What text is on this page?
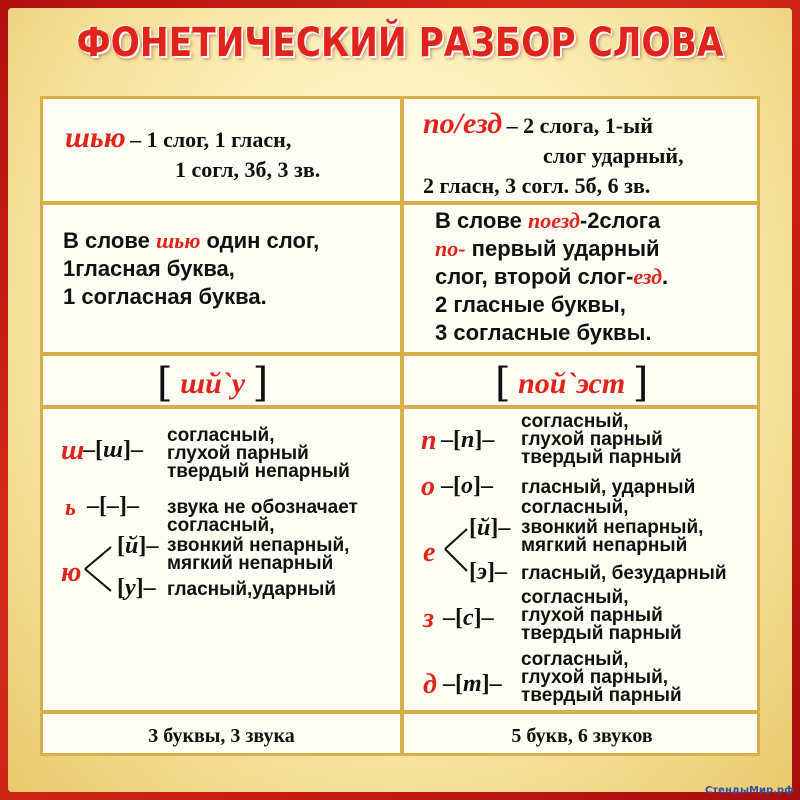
ФОНЕТИЧЕСКИЙ РАЗБОР СЛОВА
шью – 1 слог, 1 гласн,
1 согл, 3б, 3 зв.
по/езд – 2 слога, 1-ый
слог ударный,
2 гласн, 3 согл. 5б, 6 зв.
В слове шью один слог,
1гласная буква,
1 согласная буква.
В слове поезд-2слога
по- первый ударный
слог, второй слог-езд.
2 гласные буквы,
3 согласные буквы.
[ шй`у ]	[ пой`эст ]
ш
–[ш]–
согласный,
глухой парный
твердый непарный
ь –[–]– звука не обозначает
согласный,
ю
[й]– звонкий непарный,
мягкий непарный
[у]– гласный,ударный
п –[п]–
согласный,
глухой парный
твердый парный
о –[о]– гласный, ударный
согласный,
[й]– звонкий непарный,
мягкий непарный
е
[э]– гласный, безударный
з –[с]–
согласный,
глухой парный
твердый парный
д –[т]–
согласный,
глухой парный,
твердый парный
3 буквы, 3 звука	5 букв, 6 звуков
СтендыМир.рф
